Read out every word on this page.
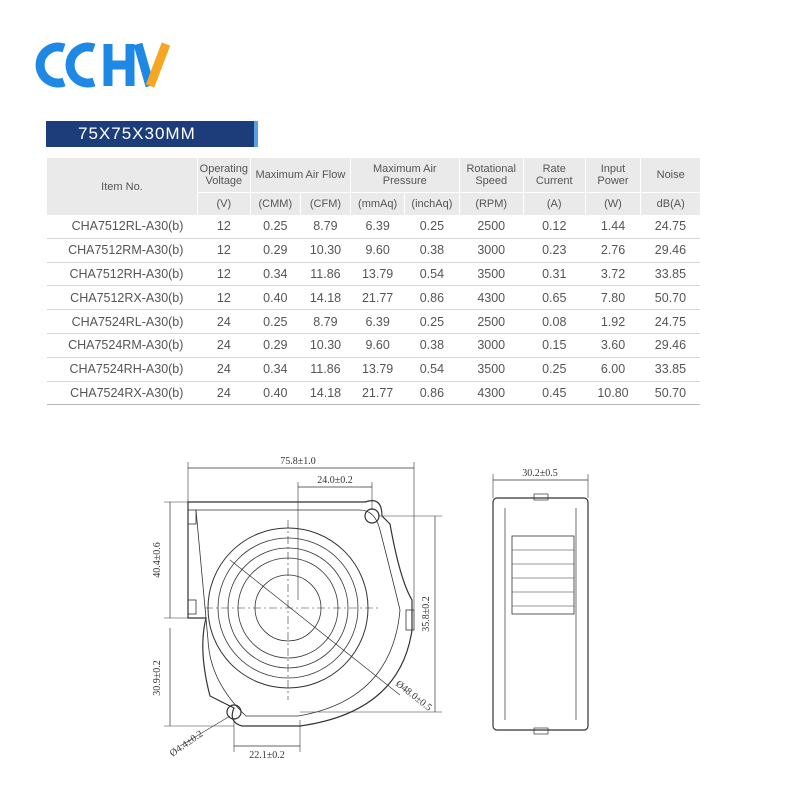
75X75X30MM
Item No.	Operating Voltage	Maximum Air Flow		Maximum Air Pressure		Rotational Speed	Rate Current	Input Power	Noise
	(V)	(CMM)	(CFM)	(mmAq)	(inchAq)	(RPM)	(A)	(W)	dB(A)
CHA7512RL-A30(b)	12	0.25	8.79	6.39	0.25	2500	0.12	1.44	24.75
CHA7512RM-A30(b)	12	0.29	10.30	9.60	0.38	3000	0.23	2.76	29.46
CHA7512RH-A30(b)	12	0.34	11.86	13.79	0.54	3500	0.31	3.72	33.85
CHA7512RX-A30(b)	12	0.40	14.18	21.77	0.86	4300	0.65	7.80	50.70
CHA7524RL-A30(b)	24	0.25	8.79	6.39	0.25	2500	0.08	1.92	24.75
CHA7524RM-A30(b)	24	0.29	10.30	9.60	0.38	3000	0.15	3.60	29.46
CHA7524RH-A30(b)	24	0.34	11.86	13.79	0.54	3500	0.25	6.00	33.85
CHA7524RX-A30(b)	24	0.40	14.18	21.77	0.86	4300	0.45	10.80	50.70
75.8±1.0
24.0±0.2
40.4±0.6
35.8±0.2
30.9±0.2
Ø4.4±0.2	22.1±0.2
Ø48.0±0.5
30.2±0.5
